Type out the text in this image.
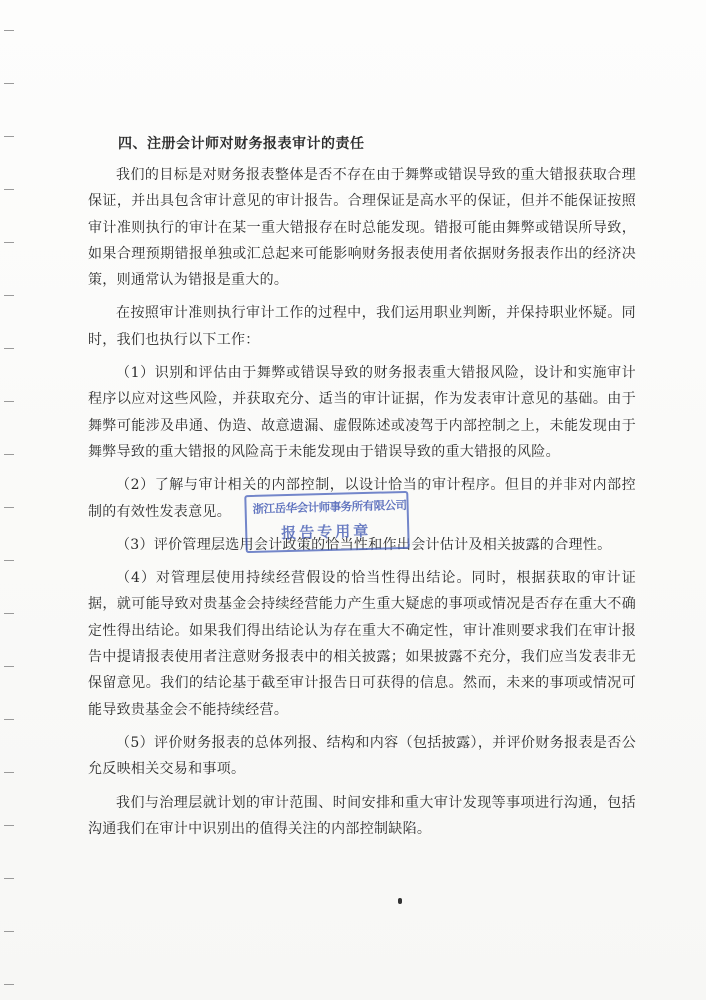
四、注册会计师对财务报表审计的责任

我们的目标是对财务报表整体是否不存在由于舞弊或错误导致的重大错报获取合理保证，并出具包含审计意见的审计报告。合理保证是高水平的保证，但并不能保证按照审计准则执行的审计在某一重大错报存在时总能发现。错报可能由舞弊或错误所导致，如果合理预期错报单独或汇总起来可能影响财务报表使用者依据财务报表作出的经济决策，则通常认为错报是重大的。

在按照审计准则执行审计工作的过程中，我们运用职业判断，并保持职业怀疑。同时，我们也执行以下工作：

（1）识别和评估由于舞弊或错误导致的财务报表重大错报风险，设计和实施审计程序以应对这些风险，并获取充分、适当的审计证据，作为发表审计意见的基础。由于舞弊可能涉及串通、伪造、故意遗漏、虚假陈述或凌驾于内部控制之上，未能发现由于舞弊导致的重大错报的风险高于未能发现由于错误导致的重大错报的风险。

（2）了解与审计相关的内部控制，以设计恰当的审计程序。但目的并非对内部控制的有效性发表意见。

（3）评价管理层选用会计政策的恰当性和作出会计估计及相关披露的合理性。

（4）对管理层使用持续经营假设的恰当性得出结论。同时，根据获取的审计证据，就可能导致对贵基金会持续经营能力产生重大疑虑的事项或情况是否存在重大不确定性得出结论。如果我们得出结论认为存在重大不确定性，审计准则要求我们在审计报告中提请报表使用者注意财务报表中的相关披露；如果披露不充分，我们应当发表非无保留意见。我们的结论基于截至审计报告日可获得的信息。然而，未来的事项或情况可能导致贵基金会不能持续经营。

（5）评价财务报表的总体列报、结构和内容（包括披露），并评价财务报表是否公允反映相关交易和事项。

我们与治理层就计划的审计范围、时间安排和重大审计发现等事项进行沟通，包括沟通我们在审计中识别出的值得关注的内部控制缺陷。

浙江岳华会计师事务所有限公司
报告专用章
